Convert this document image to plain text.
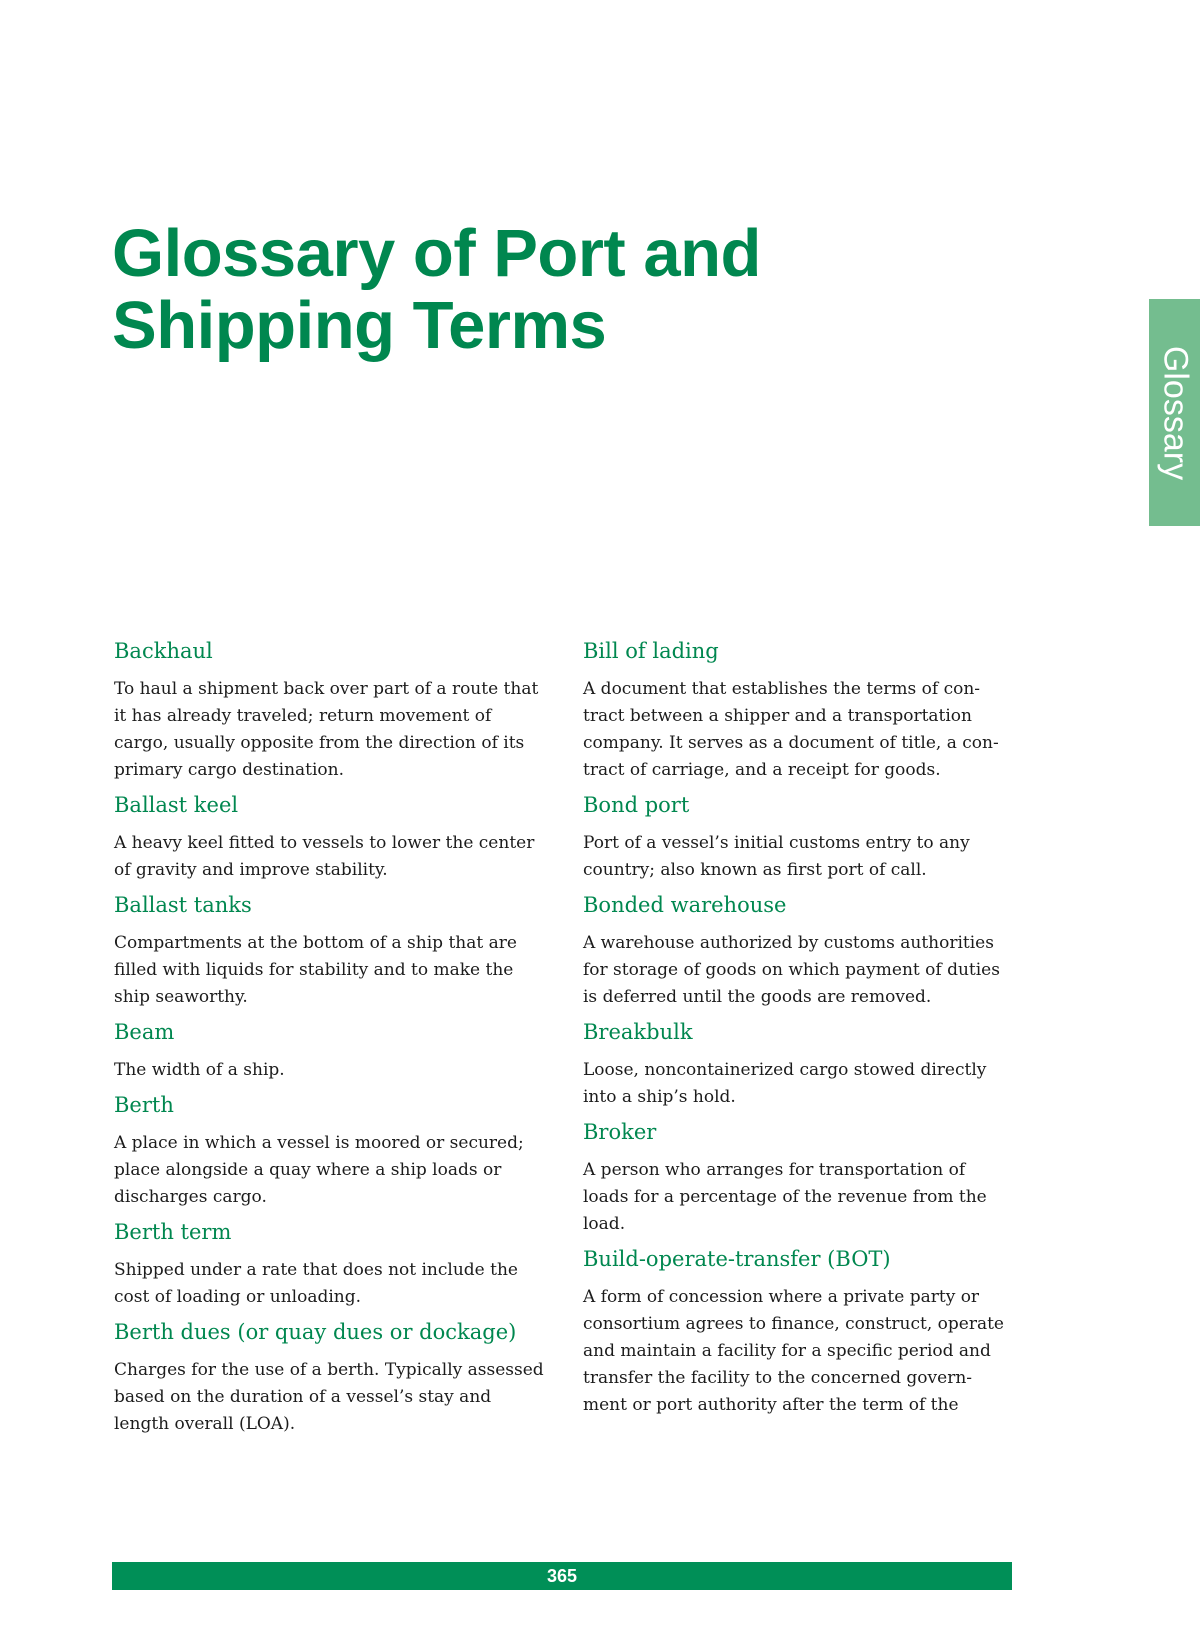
Glossary of Port and
Shipping Terms
Glossary
Backhaul

To haul a shipment back over part of a route that it has already traveled; return movement of cargo, usually opposite from the direction of its primary cargo destination.

Ballast keel

A heavy keel fitted to vessels to lower the center of gravity and improve stability.

Ballast tanks

Compartments at the bottom of a ship that are filled with liquids for stability and to make the ship seaworthy.

Beam

The width of a ship.

Berth

A place in which a vessel is moored or secured; place alongside a quay where a ship loads or discharges cargo.

Berth term

Shipped under a rate that does not include the cost of loading or unloading.

Berth dues (or quay dues or dockage)

Charges for the use of a berth. Typically assessed based on the duration of a vessel’s stay and length overall (LOA).

Bill of lading

A document that establishes the terms of con-tract between a shipper and a transportation company. It serves as a document of title, a con-tract of carriage, and a receipt for goods.

Bond port

Port of a vessel’s initial customs entry to any country; also known as first port of call.

Bonded warehouse

A warehouse authorized by customs authorities for storage of goods on which payment of duties is deferred until the goods are removed.

Breakbulk

Loose, noncontainerized cargo stowed directly into a ship’s hold.

Broker

A person who arranges for transportation of loads for a percentage of the revenue from the load.

Build-operate-transfer (BOT)

A form of concession where a private party or consortium agrees to finance, construct, operate and maintain a facility for a specific period and transfer the facility to the concerned govern-ment or port authority after the term of the

365
